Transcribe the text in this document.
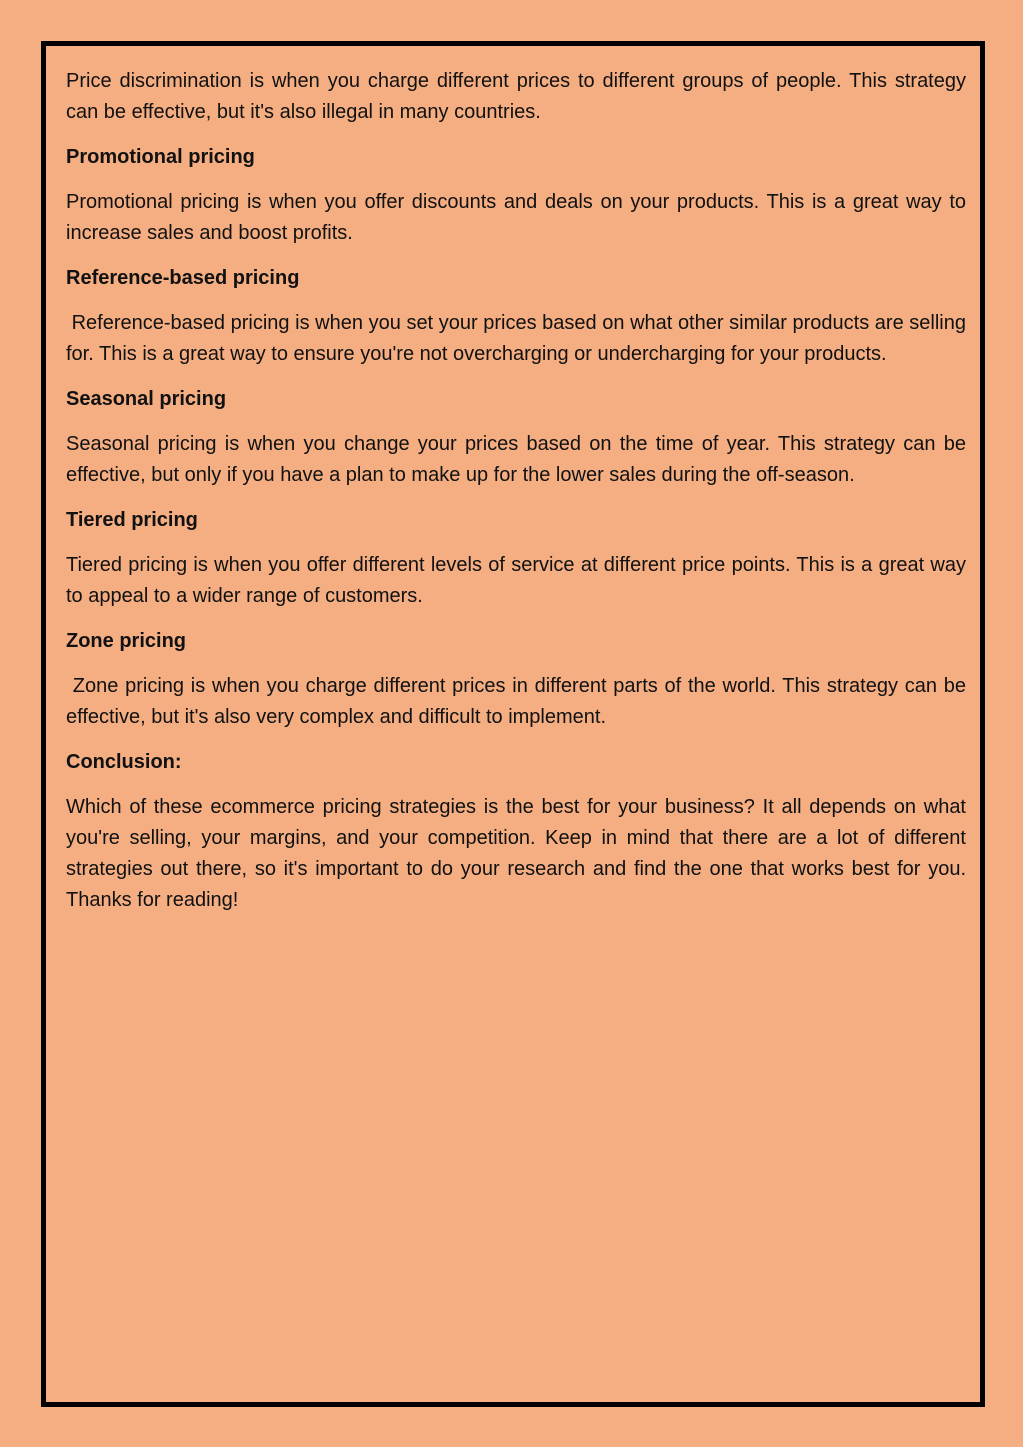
Price discrimination is when you charge different prices to different groups of people. This strategy can be effective, but it's also illegal in many countries.

Promotional pricing

Promotional pricing is when you offer discounts and deals on your products. This is a great way to increase sales and boost profits.

Reference-based pricing

Reference-based pricing is when you set your prices based on what other similar products are selling for. This is a great way to ensure you're not overcharging or undercharging for your products.

Seasonal pricing

Seasonal pricing is when you change your prices based on the time of year. This strategy can be effective, but only if you have a plan to make up for the lower sales during the off-season.

Tiered pricing

Tiered pricing is when you offer different levels of service at different price points. This is a great way to appeal to a wider range of customers.

Zone pricing

Zone pricing is when you charge different prices in different parts of the world. This strategy can be effective, but it's also very complex and difficult to implement.

Conclusion:

Which of these ecommerce pricing strategies is the best for your business? It all depends on what you're selling, your margins, and your competition. Keep in mind that there are a lot of different strategies out there, so it's important to do your research and find the one that works best for you. Thanks for reading!
